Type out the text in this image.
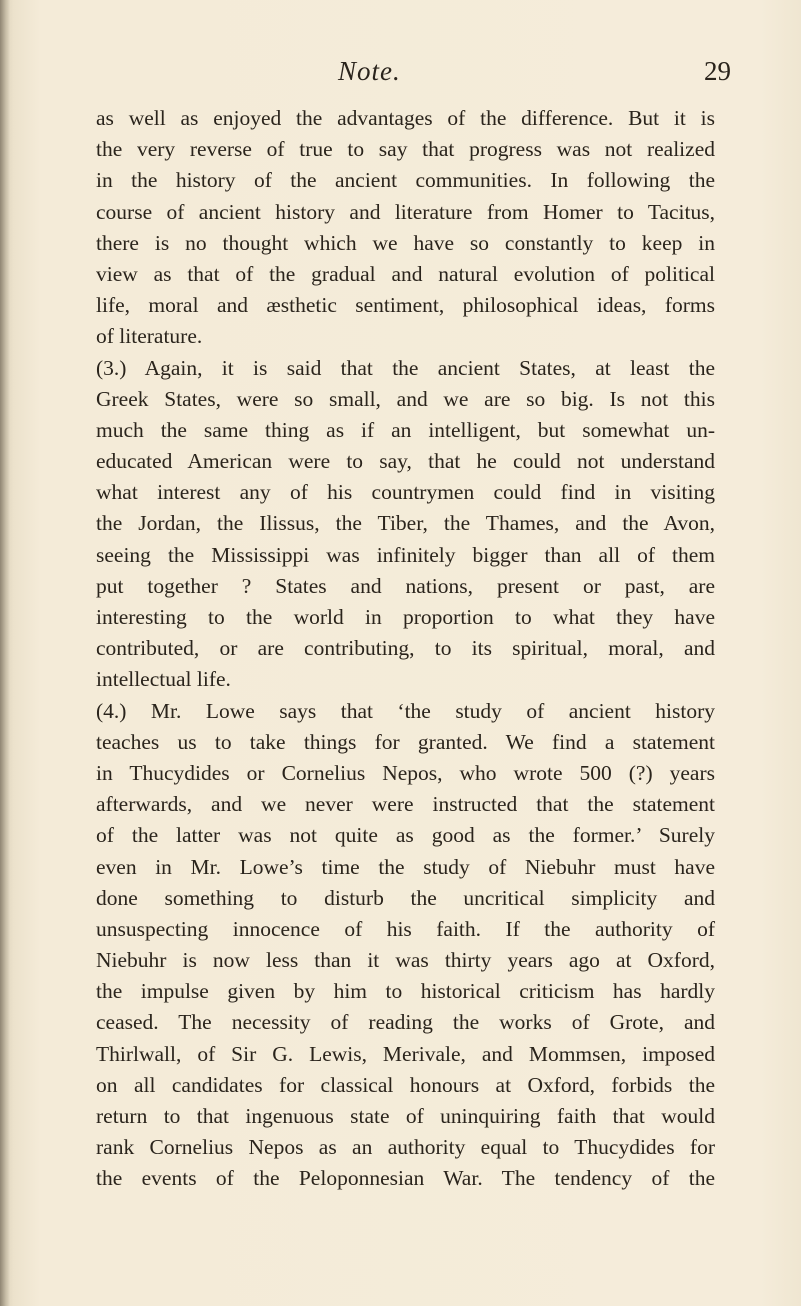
Note.	29
as well as enjoyed the advantages of the difference. But it is
the very reverse of true to say that progress was not realized
in the history of the ancient communities. In following the
course of ancient history and literature from Homer to Tacitus,
there is no thought which we have so constantly to keep in
view as that of the gradual and natural evolution of political
life, moral and æsthetic sentiment, philosophical ideas, forms
of literature.
(3.) Again, it is said that the ancient States, at least the
Greek States, were so small, and we are so big. Is not this
much the same thing as if an intelligent, but somewhat un-
educated American were to say, that he could not understand
what interest any of his countrymen could find in visiting
the Jordan, the Ilissus, the Tiber, the Thames, and the Avon,
seeing the Mississippi was infinitely bigger than all of them
put together ? States and nations, present or past, are
interesting to the world in proportion to what they have
contributed, or are contributing, to its spiritual, moral, and
intellectual life.
(4.) Mr. Lowe says that ‘the study of ancient history
teaches us to take things for granted. We find a statement
in Thucydides or Cornelius Nepos, who wrote 500 (?) years
afterwards, and we never were instructed that the statement
of the latter was not quite as good as the former.’ Surely
even in Mr. Lowe’s time the study of Niebuhr must have
done something to disturb the uncritical simplicity and
unsuspecting innocence of his faith. If the authority of
Niebuhr is now less than it was thirty years ago at Oxford,
the impulse given by him to historical criticism has hardly
ceased. The necessity of reading the works of Grote, and
Thirlwall, of Sir G. Lewis, Merivale, and Mommsen, imposed
on all candidates for classical honours at Oxford, forbids the
return to that ingenuous state of uninquiring faith that would
rank Cornelius Nepos as an authority equal to Thucydides for
the events of the Peloponnesian War. The tendency of the
